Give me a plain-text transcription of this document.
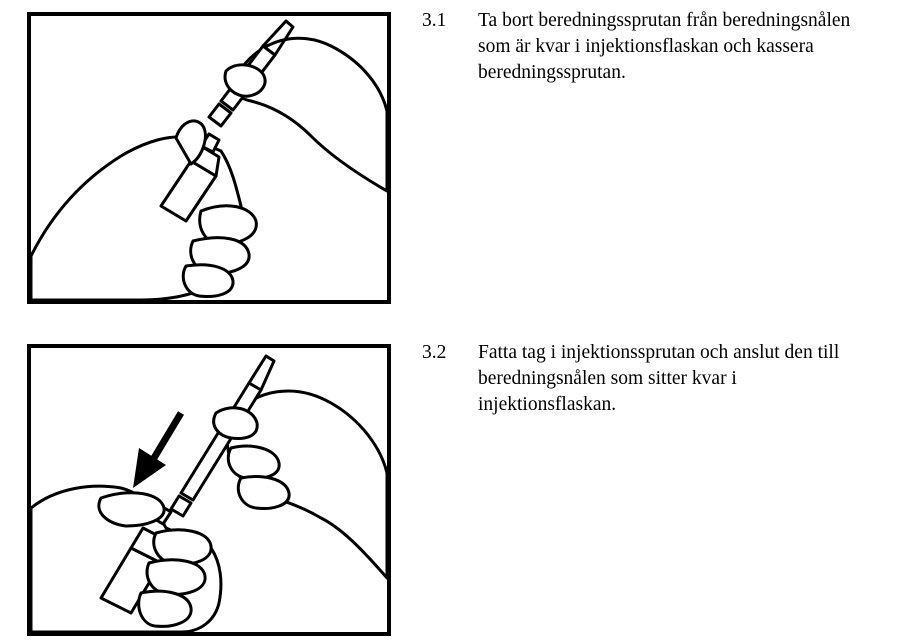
3.1 Ta bort beredningssprutan från beredningsnålen
som är kvar i injektionsflaskan och kassera
beredningssprutan.
3.2 Fatta tag i injektionssprutan och anslut den till
beredningsnålen som sitter kvar i
injektionsflaskan.
